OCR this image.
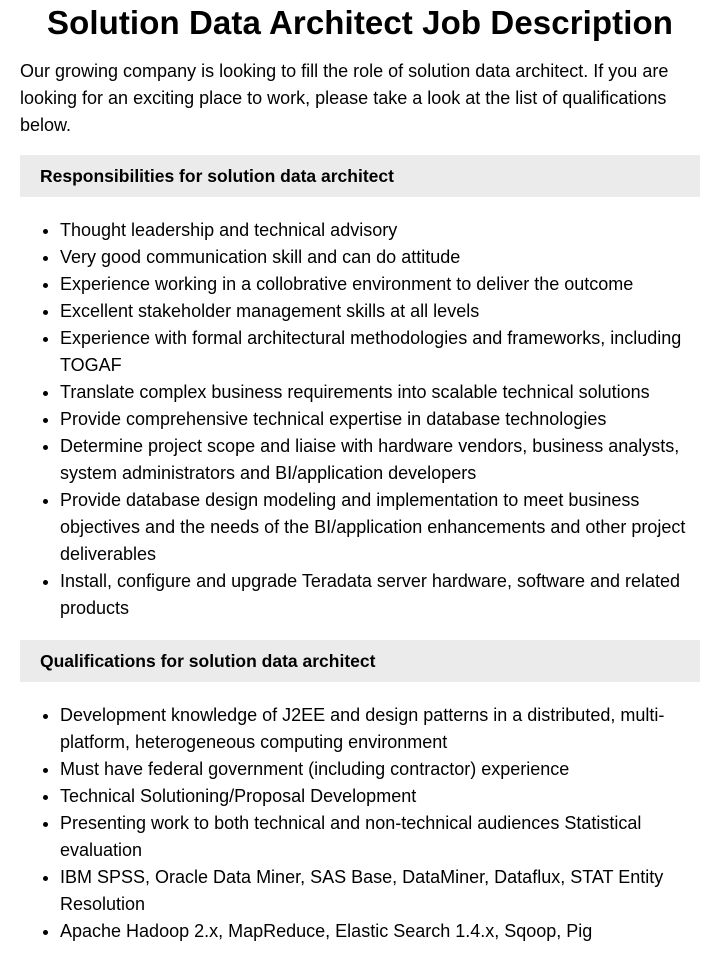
Solution Data Architect Job Description

Our growing company is looking to fill the role of solution data architect. If you are looking for an exciting place to work, please take a look at the list of qualifications below.

Responsibilities for solution data architect
• Thought leadership and technical advisory
• Very good communication skill and can do attitude
• Experience working in a collobrative environment to deliver the outcome
• Excellent stakeholder management skills at all levels
• Experience with formal architectural methodologies and frameworks, including TOGAF
• Translate complex business requirements into scalable technical solutions
• Provide comprehensive technical expertise in database technologies
• Determine project scope and liaise with hardware vendors, business analysts, system administrators and BI/application developers
• Provide database design modeling and implementation to meet business objectives and the needs of the BI/application enhancements and other project deliverables
• Install, configure and upgrade Teradata server hardware, software and related products
Qualifications for solution data architect
• Development knowledge of J2EE and design patterns in a distributed, multi-platform, heterogeneous computing environment
• Must have federal government (including contractor) experience
• Technical Solutioning/Proposal Development
• Presenting work to both technical and non-technical audiences Statistical evaluation
• IBM SPSS, Oracle Data Miner, SAS Base, DataMiner, Dataflux, STAT Entity Resolution
• Apache Hadoop 2.x, MapReduce, Elastic Search 1.4.x, Sqoop, Pig
